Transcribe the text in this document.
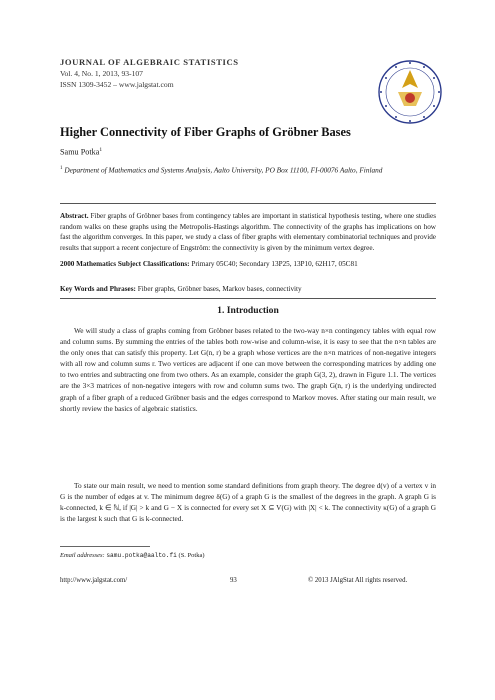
JOURNAL OF ALGEBRAIC STATISTICS
Vol. 4, No. 1, 2013, 93-107
ISSN 1309-3452 – www.jalgstat.com
Higher Connectivity of Fiber Graphs of Gröbner Bases
Samu Potka$^1$
$^1$ Department of Mathematics and Systems Analysis, Aalto University, PO Box 11100, FI-00076 Aalto, Finland
Abstract. Fiber graphs of Gröbner bases from contingency tables are important in statistical hypothesis testing, where one studies random walks on these graphs using the Metropolis-Hastings algorithm. The connectivity of the graphs has implications on how fast the algorithm converges. In this paper, we study a class of fiber graphs with elementary combinatorial techniques and provide results that support a recent conjecture of Engström: the connectivity is given by the minimum vertex degree.
2000 Mathematics Subject Classifications: Primary 05C40; Secondary 13P25, 13P10, 62H17, 05C81
Key Words and Phrases: Fiber graphs, Gröbner bases, Markov bases, connectivity
1. Introduction
We will study a class of graphs coming from Gröbner bases related to the two-way n×n contingency tables with equal row and column sums. By summing the entries of the tables both row-wise and column-wise, it is easy to see that the n×n tables are the only ones that can satisfy this property. Let G(n, r) be a graph whose vertices are the n×n matrices of non-negative integers with all row and column sums r. Two vertices are adjacent if one can move between the corresponding matrices by adding one to two entries and subtracting one from two others. As an example, consider the graph G(3, 2), drawn in Figure 1.1. The vertices are the 3×3 matrices of non-negative integers with row and column sums two. The graph G(n, r) is the underlying undirected graph of a fiber graph of a reduced Gröbner basis and the edges correspond to Markov moves. After stating our main result, we shortly review the basics of algebraic statistics.
To state our main result, we need to mention some standard definitions from graph theory. The degree d(v) of a vertex v in G is the number of edges at v. The minimum degree δ(G) of a graph G is the smallest of the degrees in the graph. A graph G is k-connected, k ∈ ℕ, if |G| > k and G − X is connected for every set X ⊆ V(G) with |X| < k. The connectivity κ(G) of a graph G is the largest k such that G is k-connected.
Email addresses: samu.potka@aalto.fi (S. Potka)
http://www.jalgstat.com/	93	© 2013 JAlgStat All rights reserved.
